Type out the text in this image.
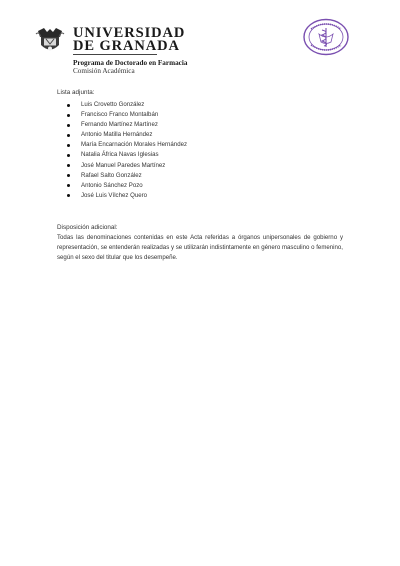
UNIVERSIDAD
DE GRANADA
Programa de Doctorado en Farmacia
Comisión Académica
Lista adjunta:
Luis Crovetto González
Francisco Franco Montalbán
Fernando Martínez Martínez
Antonio Matilla Hernández
María Encarnación Morales Hernández
Natalia África Navas Iglesias
José Manuel Paredes Martínez
Rafael Salto González
Antonio Sánchez Pozo
José Luis Vílchez Quero
Disposición adicional:

Todas las denominaciones contenidas en este Acta referidas a órganos unipersonales de gobierno y representación, se entenderán realizadas y se utilizarán indistintamente en género masculino o femenino, según el sexo del titular que los desempeñe.
